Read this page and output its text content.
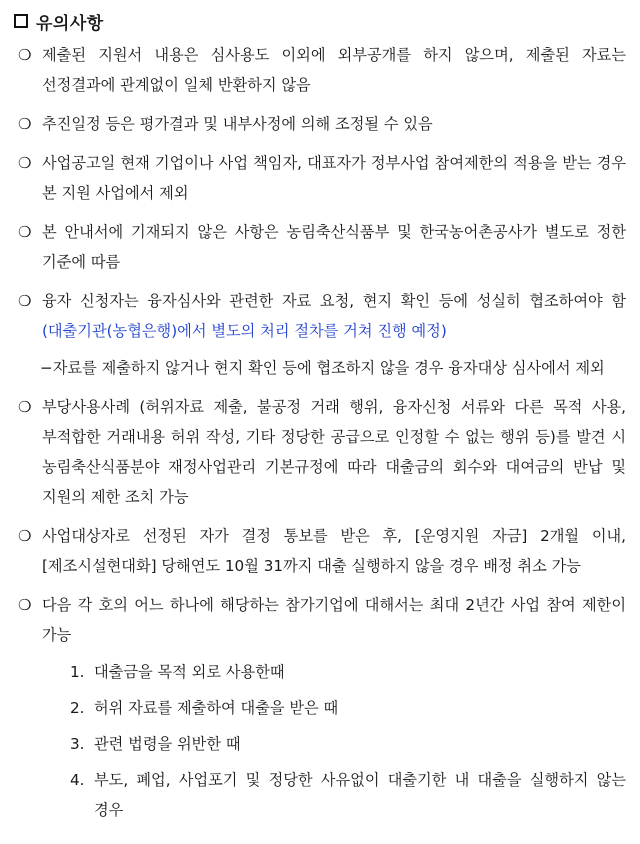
유의사항
❍ 제출된 지원서 내용은 심사용도 이외에 외부공개를 하지 않으며, 제출된 자료는 선정결과에 관계없이 일체 반환하지 않음
❍ 추진일정 등은 평가결과 및 내부사정에 의해 조정될 수 있음
❍ 사업공고일 현재 기업이나 사업 책임자, 대표자가 정부사업 참여제한의 적용을 받는 경우 본 지원 사업에서 제외
❍ 본 안내서에 기재되지 않은 사항은 농림축산식품부 및 한국농어촌공사가 별도로 정한 기준에 따름
❍ 융자 신청자는 융자심사와 관련한 자료 요청, 현지 확인 등에 성실히 협조하여야 함 (대출기관(농협은행)에서 별도의 처리 절차를 거쳐 진행 예정)
− 자료를 제출하지 않거나 현지 확인 등에 협조하지 않을 경우 융자대상 심사에서 제외
❍ 부당사용사례 (허위자료 제출, 불공정 거래 행위, 융자신청 서류와 다른 목적 사용, 부적합한 거래내용 허위 작성, 기타 정당한 공급으로 인정할 수 없는 행위 등)를 발견 시 농림축산식품분야 재정사업관리 기본규정에 따라 대출금의 회수와 대여금의 반납 및 지원의 제한 조치 가능
❍ 사업대상자로 선정된 자가 결정 통보를 받은 후, [운영지원 자금] 2개월 이내, [제조시설현대화] 당해연도 10월 31까지 대출 실행하지 않을 경우 배정 취소 가능
❍ 다음 각 호의 어느 하나에 해당하는 참가기업에 대해서는 최대 2년간 사업 참여 제한이 가능
1. 대출금을 목적 외로 사용한때
2. 허위 자료를 제출하여 대출을 받은 때
3. 관련 법령을 위반한 때
4. 부도, 폐업, 사업포기 및 정당한 사유없이 대출기한 내 대출을 실행하지 않는 경우
